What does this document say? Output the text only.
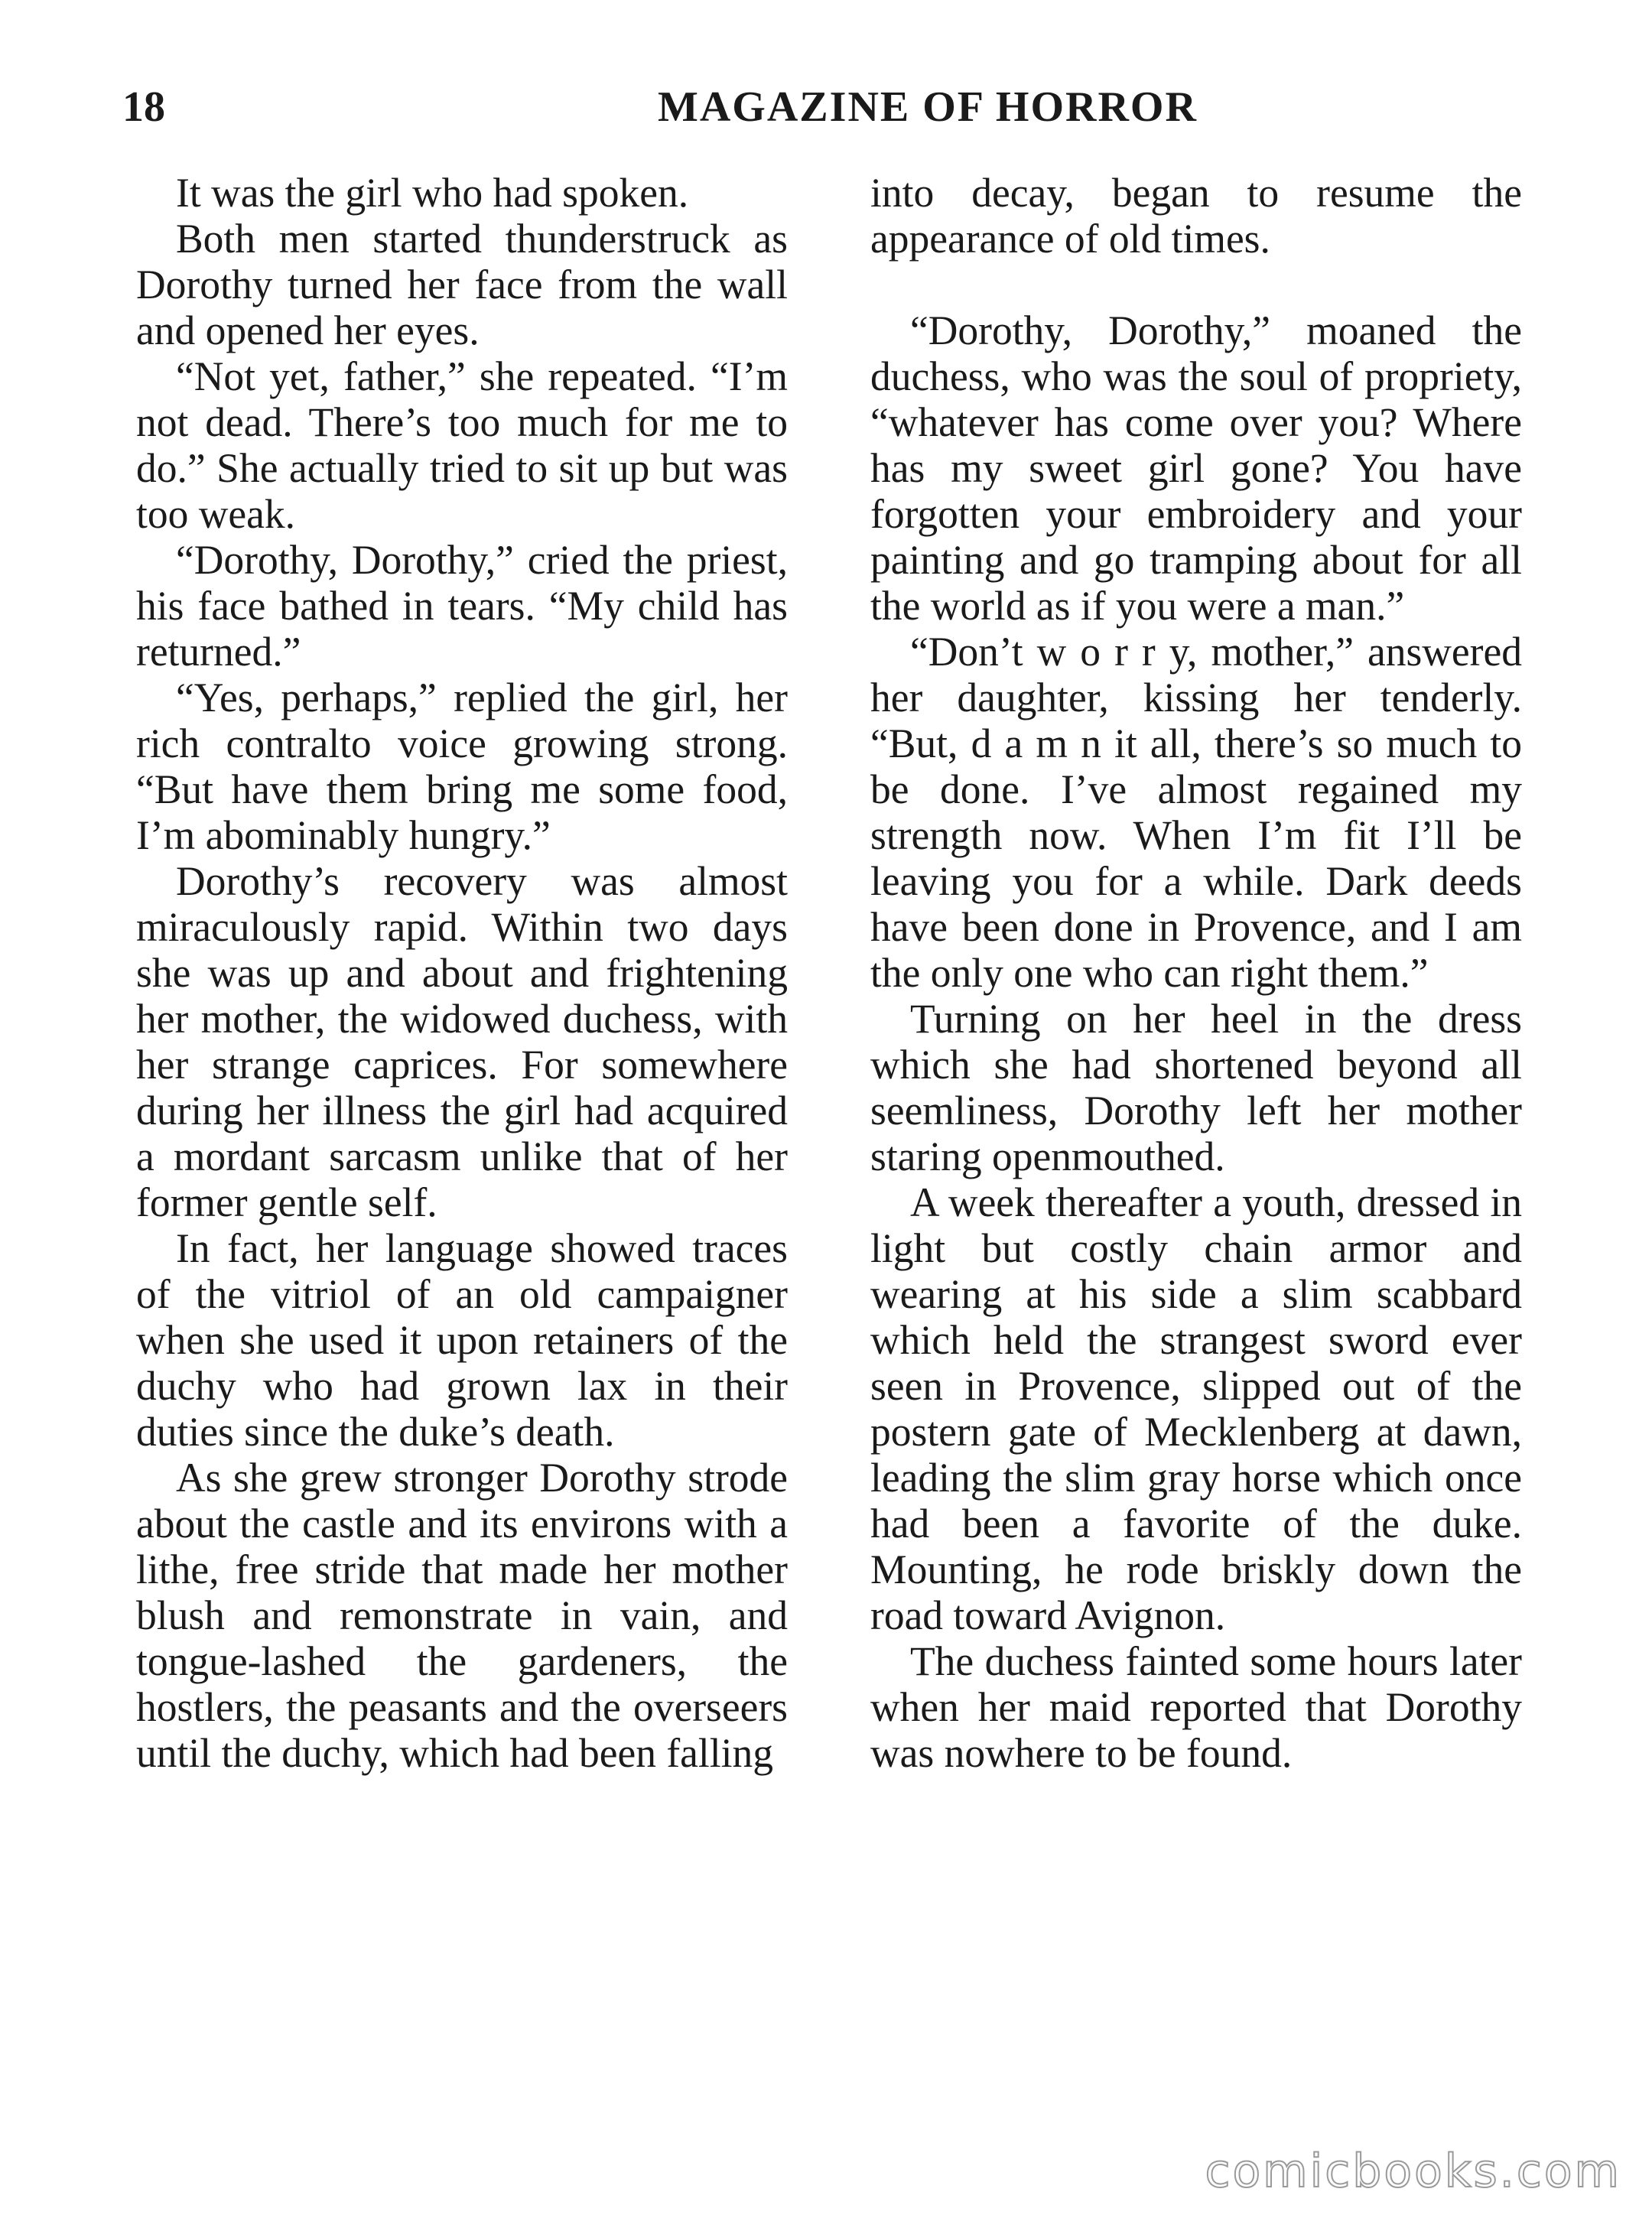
18	MAGAZINE OF HORROR

It was the girl who had spoken.

Both men started thunderstruck as Dorothy turned her face from the wall and opened her eyes.

“Not yet, father,” she repeated. “I’m not dead. There’s too much for me to do.” She actually tried to sit up but was too weak.

“Dorothy, Dorothy,” cried the priest, his face bathed in tears. “My child has returned.”

“Yes, perhaps,” replied the girl, her rich contralto voice growing strong. “But have them bring me some food, I’m abominably hungry.”

Dorothy’s recovery was almost miraculously rapid. Within two days she was up and about and frightening her mother, the widowed duchess, with her strange caprices. For somewhere during her illness the girl had acquired a mordant sarcasm unlike that of her former gentle self.

In fact, her language showed traces of the vitriol of an old campaigner when she used it upon retainers of the duchy who had grown lax in their duties since the duke’s death.

As she grew stronger Dorothy strode about the castle and its environs with a lithe, free stride that made her mother blush and remonstrate in vain, and tongue-lashed the gardeners, the hostlers, the peasants and the overseers until the duchy, which had been falling

into decay, began to resume the appearance of old times.

“Dorothy, Dorothy,” moaned the duchess, who was the soul of propriety, “whatever has come over you? Where has my sweet girl gone? You have forgotten your embroidery and your painting and go tramping about for all the world as if you were a man.”

“Don’t w o r r y, mother,” answered her daughter, kissing her tenderly. “But, d a m n it all, there’s so much to be done. I’ve almost regained my strength now. When I’m fit I’ll be leaving you for a while. Dark deeds have been done in Provence, and I am the only one who can right them.”

Turning on her heel in the dress which she had shortened beyond all seemliness, Dorothy left her mother staring openmouthed.

A week thereafter a youth, dressed in light but costly chain armor and wearing at his side a slim scabbard which held the strangest sword ever seen in Provence, slipped out of the postern gate of Mecklenberg at dawn, leading the slim gray horse which once had been a favorite of the duke. Mounting, he rode briskly down the road toward Avignon.

The duchess fainted some hours later when her maid reported that Dorothy was nowhere to be found.

comicbooks.com
